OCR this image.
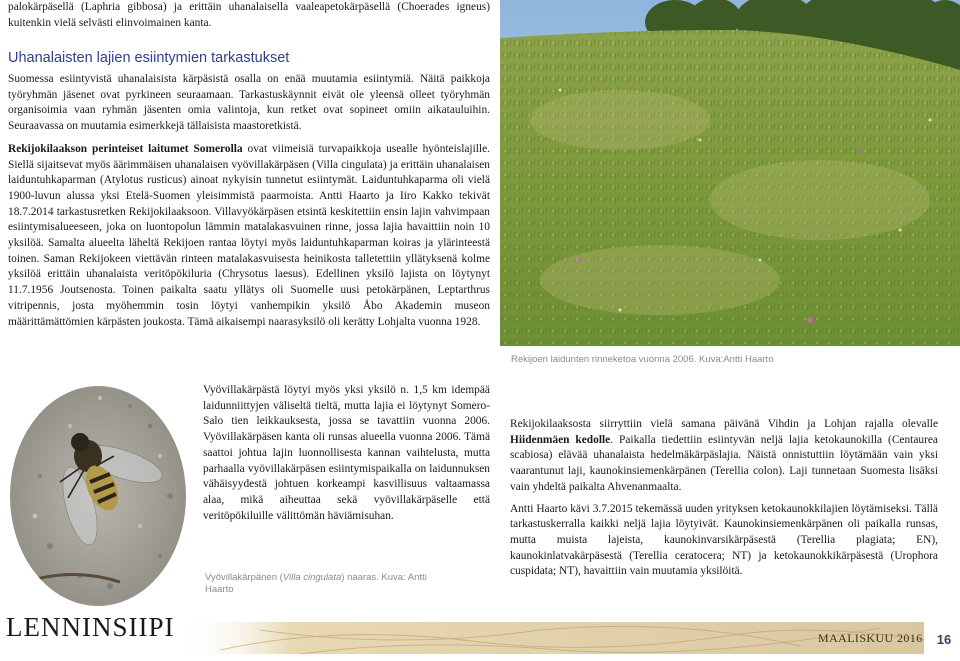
palokärpäsellä (Laphria gibbosa) ja erittäin uhanalaisella vaaleapetokärpäsellä (Choerades igneus) kuitenkin vielä selvästi elinvoimainen kanta.

Uhanalaisten lajien esiintymien tarkastukset

Suomessa esiintyvistä uhanalaisista kärpäsistä osalla on enää muutamia esiintymiä. Näitä paikkoja työryhmän jäsenet ovat pyrkineen seuraamaan. Tarkastuskäynnit eivät ole yleensä olleet työryhmän organisoimia vaan ryhmän jäsenten omia valintoja, kun retket ovat sopineet omiin aikatauluihin. Seuraavassa on muutamia esimerkkejä tällaisista maastoretkistä.

Rekijokilaakson perinteiset laitumet Somerolla ovat viimeisiä turvapaikkoja usealle hyönteislajille. Siellä sijaitsevat myös äärimmäisen uhanalaisen vyövillakärpäsen (Villa cingulata) ja erittäin uhanalaisen laiduntuhkaparman (Atylotus rusticus) ainoat nykyisin tunnetut esiintymät. Laiduntuhkaparma oli vielä 1900-luvun alussa yksi Etelä-Suomen yleisimmistä paarmoista. Antti Haarto ja Iiro Kakko tekivät 18.7.2014 tarkastusretken Rekijokilaaksoon. Villavyökärpäsen etsintä keskitettiin ensin lajin vahvimpaan esiintymisalueeseen, joka on luontopolun lämmin matalakasvuinen rinne, jossa lajia havaittiin noin 10 yksilöä. Samalta alueelta läheltä Rekijoen rantaa löytyi myös laiduntuhkaparman koiras ja ylärinteestä toinen. Saman Rekijokeen viettävän rinteen matalakasvuisesta heinikosta talletettiin yllätyksenä kolme yksilöä erittäin uhanalaista veritöpökiluria (Chrysotus laesus). Edellinen yksilö lajista on löytynyt 11.7.1956 Joutsenosta. Toinen paikalta saatu yllätys oli Suomelle uusi petokärpänen, Leptarthrus vitripennis, josta myöhemmin tosin löytyi vanhempikin yksilö Åbo Akademin museon määrittämättömien kärpästen joukosta. Tämä aikaisempi naarasyksilö oli kerätty Lohjalta vuonna 1928.

Vyövillakärpästä löytyi myös yksi yksilö n. 1,5 km idempää laidunniittyjen väliseltä tieltä, mutta lajia ei löytynyt Somero-Salo tien leikkauksesta, jossa se tavattiin vuonna 2006. Vyövillakärpäsen kanta oli runsas alueella vuonna 2006. Tämä saattoi johtua lajin luonnollisesta kannan vaihtelusta, mutta parhaalla vyövillakärpäsen esiintymispaikalla on laidunnuksen vähäisyydestä johtuen korkeampi kasvillisuus valtaamassa alaa, mikä aiheuttaa sekä vyövillakärpäselle että veritöpökiluille välittömän häviämisuhan.

Vyövillakärpänen (Villa cingulata) naaras. Kuva: Antti Haarto
Rekijoen laidunten rinneketoa vuonna 2006. Kuva:Antti Haarto

Rekijokilaaksosta siirryttiin vielä samana päivänä Vihdin ja Lohjan rajalla olevalle Hiidenmäen kedolle. Paikalla tiedettiin esiintyvän neljä lajia ketokaunokilla (Centaurea scabiosa) elävää uhanalaista hedelmäkärpäslajia. Näistä onnistuttiin löytämään vain yksi vaarantunut laji, kaunokinsiemenkärpänen (Terellia colon). Laji tunnetaan Suomesta lisäksi vain yhdeltä paikalta Ahvenanmaalta.

Antti Haarto kävi 3.7.2015 tekemässä uuden yrityksen ketokaunokkilajien löytämiseksi. Tällä tarkastuskerralla kaikki neljä lajia löytyivät. Kaunokinsiemenkärpänen oli paikalla runsas, mutta muista lajeista, kaunokinvarsikärpäsestä (Terellia plagiata; EN), kaunokinlatvakärpäsestä (Terellia ceratocera; NT) ja ketokaunokkikärpäsestä (Urophora cuspidata; NT), havaittiin vain muutamia yksilöitä.

LENNINSIIPI	MAALISKUU 2016	16
